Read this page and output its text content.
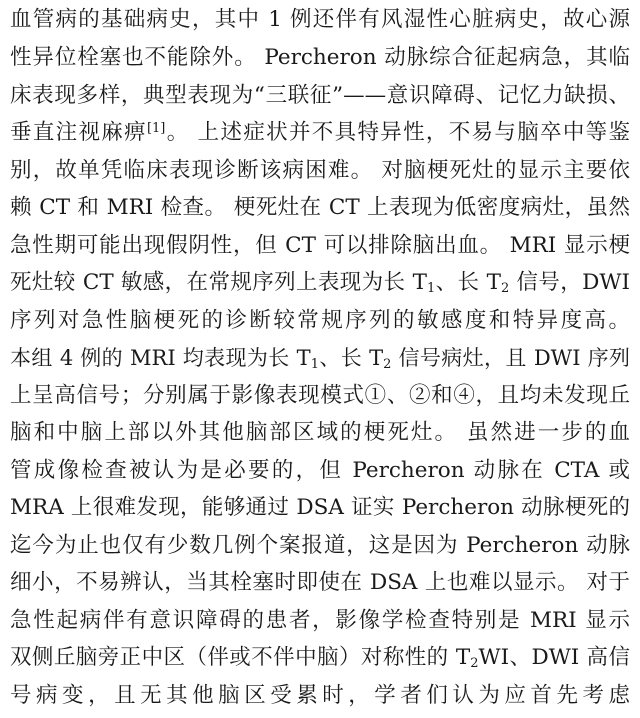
血管病的基础病史，其中 1 例还伴有风湿性心脏病史，故心源
性异位栓塞也不能除外。 Percheron 动脉综合征起病急，其临
床表现多样，典型表现为“三联征”——意识障碍、记忆力缺损、
垂直注视麻痹[1]。 上述症状并不具特异性，不易与脑卒中等鉴
别，故单凭临床表现诊断该病困难。 对脑梗死灶的显示主要依
赖 CT 和 MRI 检查。 梗死灶在 CT 上表现为低密度病灶，虽然
急性期可能出现假阴性，但 CT 可以排除脑出血。 MRI 显示梗
死灶较 CT 敏感，在常规序列上表现为长 $T_1$、长 $T_2$ 信号，DWI
序列对急性脑梗死的诊断较常规序列的敏感度和特异度高。
本组 4 例的 MRI 均表现为长 $T_1$、长 $T_2$ 信号病灶，且 DWI 序列
上呈高信号；分别属于影像表现模式①、②和④，且均未发现丘
脑和中脑上部以外其他脑部区域的梗死灶。 虽然进一步的血
管成像检查被认为是必要的，但 Percheron 动脉在 CTA 或
MRA 上很难发现，能够通过 DSA 证实 Percheron 动脉梗死的
迄今为止也仅有少数几例个案报道，这是因为 Percheron 动脉
细小，不易辨认，当其栓塞时即使在 DSA 上也难以显示。 对于
急性起病伴有意识障碍的患者，影像学检查特别是 MRI 显示
双侧丘脑旁正中区（伴或不伴中脑）对称性的 $T_2WI$、DWI 高信
号病变，且无其他脑区受累时，学者们认为应首先考虑
